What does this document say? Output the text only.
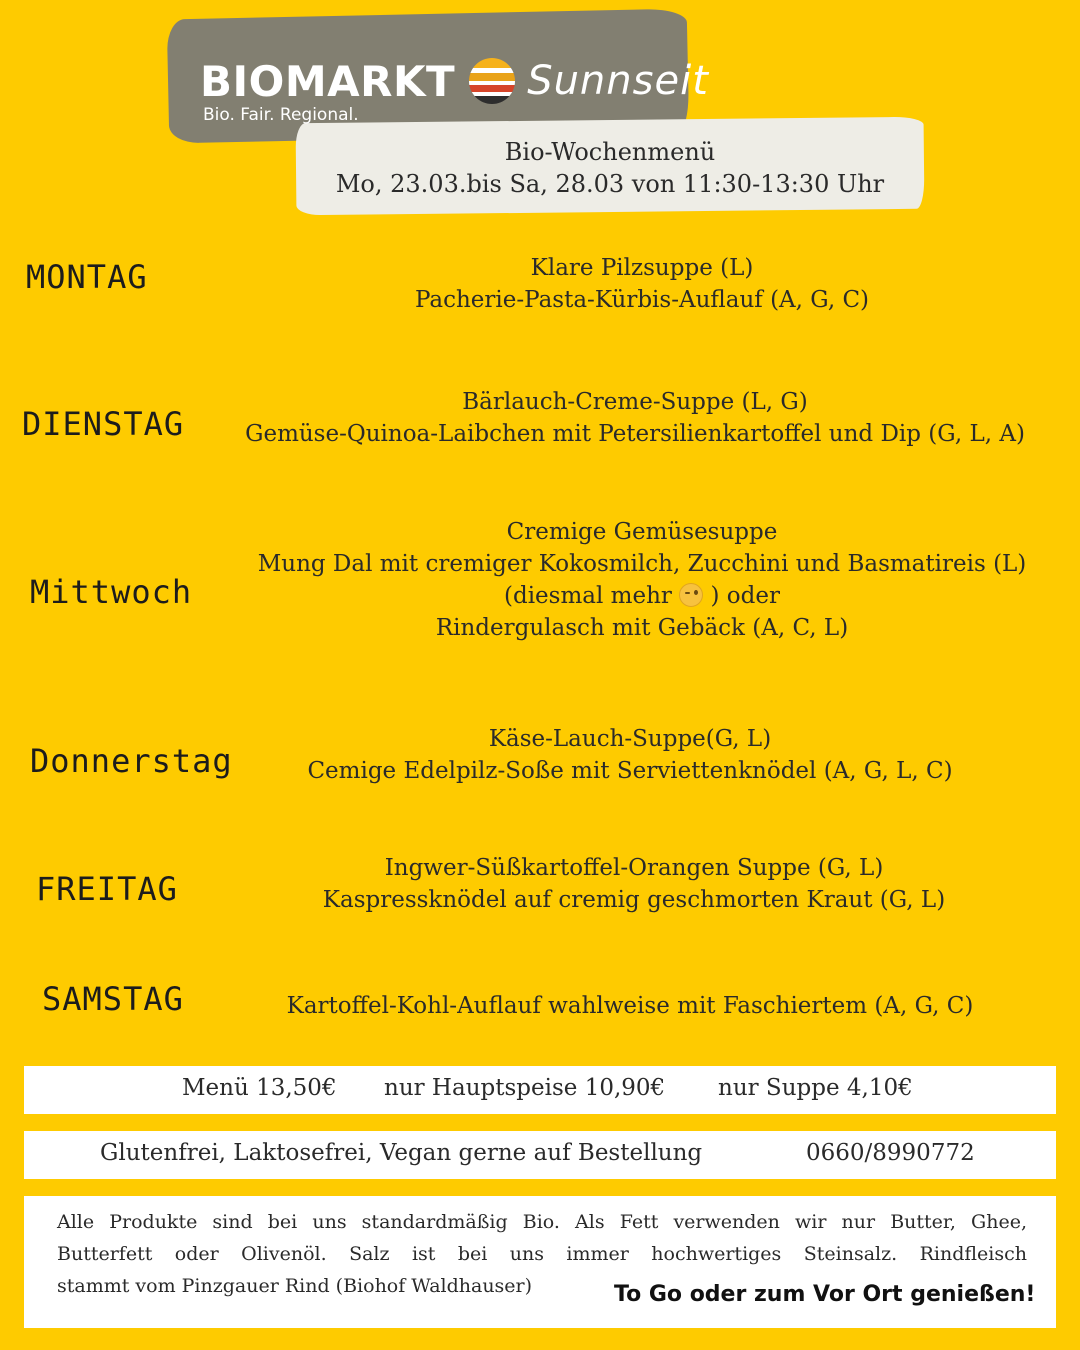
BIOMARKT Sunnseit
Bio. Fair. Regional.
Bio-Wochenmenü
Mo, 23.03.bis Sa, 28.03 von 11:30-13:30 Uhr
MONTAG
DIENSTAG
Mittwoch
Donnerstag
FREITAG
SAMSTAG
Klare Pilzsuppe (L)
Pacherie-Pasta-Kürbis-Auflauf (A, G, C)
Bärlauch-Creme-Suppe (L, G)
Gemüse-Quinoa-Laibchen mit Petersilienkartoffel und Dip (G, L, A)
Cremige Gemüsesuppe
Mung Dal mit cremiger Kokosmilch, Zucchini und Basmatireis (L)
(diesmal mehr ) oder
Rindergulasch mit Gebäck (A, C, L)
Käse-Lauch-Suppe(G, L)
Cemige Edelpilz-Soße mit Serviettenknödel (A, G, L, C)
Ingwer-Süßkartoffel-Orangen Suppe (G, L)
Kaspressknödel auf cremig geschmorten Kraut (G, L)
Kartoffel-Kohl-Auflauf wahlweise mit Faschiertem (A, G, C)
Menü 13,50€ nur Hauptspeise 10,90€ nur Suppe 4,10€
Glutenfrei, Laktosefrei, Vegan gerne auf Bestellung	0660/8990772
Alle Produkte sind bei uns standardmäßig Bio. Als Fett verwenden wir nur Butter, Ghee,
Butterfett oder Olivenöl. Salz ist bei uns immer hochwertiges Steinsalz. Rindfleisch
stammt vom Pinzgauer Rind (Biohof Waldhauser)	To Go oder zum Vor Ort genießen!
